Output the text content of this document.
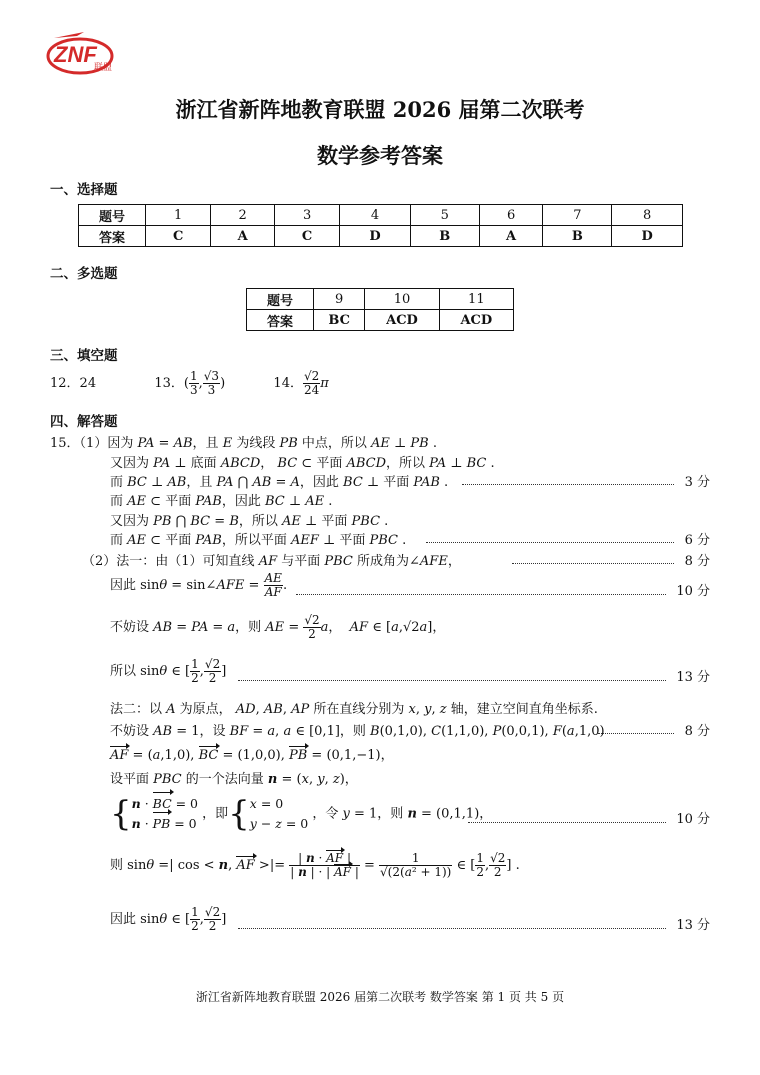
ZNF
联盟
浙江省新阵地教育联盟 2026 届第二次联考
数学参考答案
一、选择题
题号	1	2	3	4	5	6	7	8
答案	C	A	C	D	B	A	B	D
二、多选题
题号	9	10	11
答案	BC	ACD	ACD
三、填空题
12．24	13．( $\frac{1}{3}$ , $\frac{√3}{3}$ )	14． $\frac{√2}{24}$ π
四、解答题
15．（1）因为 PA = AB，且 E 为线段 PB 中点，所以 AE ⊥ PB .
又因为 PA ⊥ 底面 ABCD， BC ⊂ 平面 ABCD，所以 PA ⊥ BC .
而 BC ⊥ AB，且 PA ⋂ AB = A，因此 BC ⊥ 平面 PAB .	3 分
而 AE ⊂ 平面 PAB，因此 BC ⊥ AE .
又因为 PB ⋂ BC = B，所以 AE ⊥ 平面 PBC .
而 AE ⊂ 平面 PAB，所以平面 AEF ⊥ 平面 PBC .	6 分
（2）法一：由（1）可知直线 AF 与平面 PBC 所成角为∠AFE，	8 分
因此 sinθ = sin∠AFE = $\frac{AE}{AF}$ .	10 分
不妨设 AB = PA = a，则 AE = $\frac{√2}{2}$ a，  AF ∈ [a,√2a]，
所以 sinθ ∈ [ $\frac{1}{2}$ , $\frac{√2}{2}$ ]	13 分
法二：以 A 为原点， AD, AB, AP 所在直线分别为 x, y, z 轴，建立空间直角坐标系.
不妨设 AB = 1，设 BF = a, a ∈ [0,1]，则 B(0,1,0), C(1,1,0), P(0,0,1), F(a,1,0)	8 分
AF = (a,1,0), BC = (1,0,0), PB = (0,1,−1)，
设平面 PBC 的一个法向量 n = (x, y, z)，
{n · BC = 0
n · PB = 0 ，即{x = 0
y − z = 0 ，令 y = 1，则 n = (0,1,1)，	10 分
则 sinθ =| cos < n, AF >|= $\frac{| n \cdot AF |}{| n | \cdot | AF |} = \frac{1}{\text{√(2(a² + 1))}}$ ∈ [ $\frac{1}{2}$ , $\frac{√2}{2}$ ] .
因此 sinθ ∈ [ $\frac{1}{2}$ , $\frac{√2}{2}$ ]	13 分
浙江省新阵地教育联盟 2026 届第二次联考 数学答案 第 1 页 共 5 页
